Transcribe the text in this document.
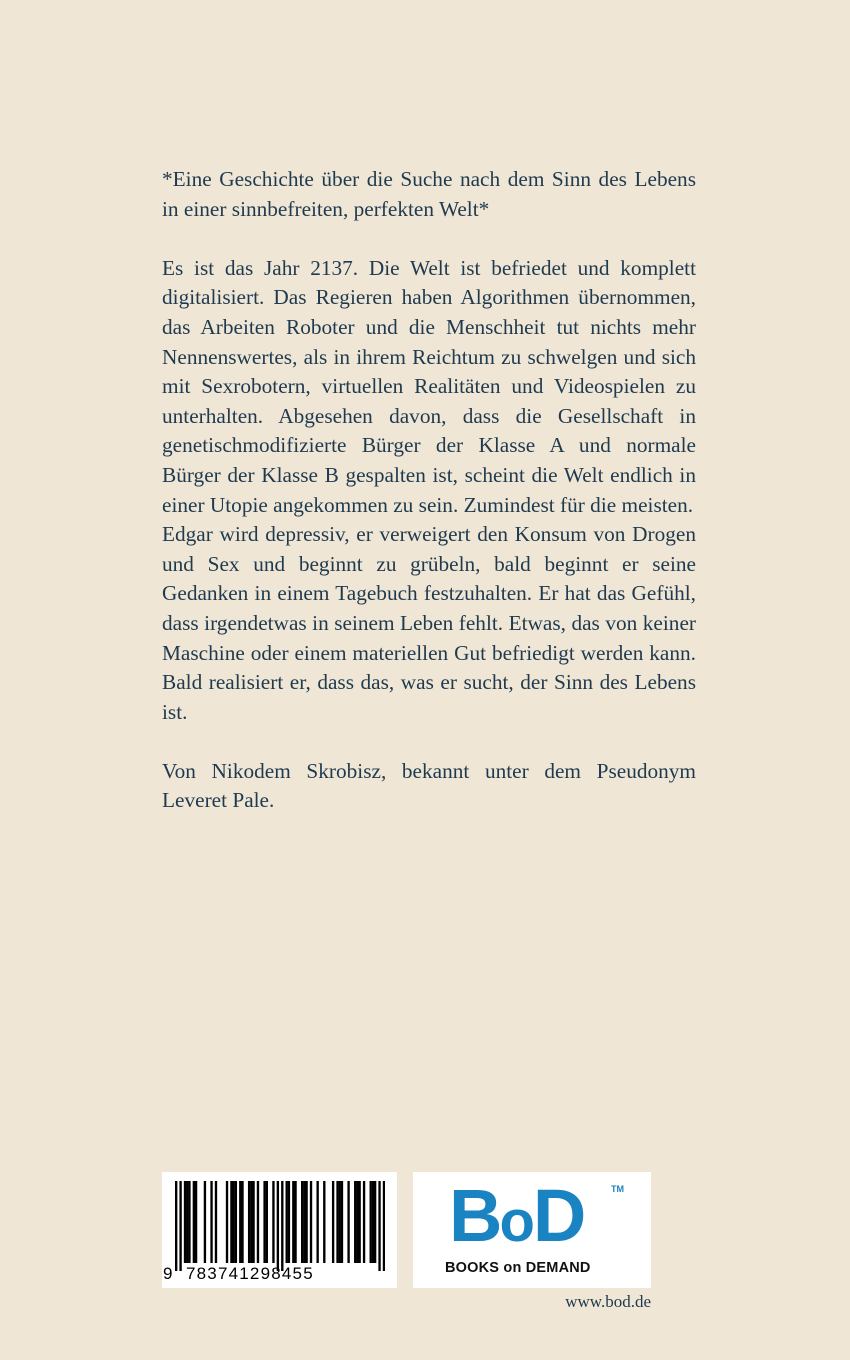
*Eine Geschichte über die Suche nach dem Sinn des Lebens in einer sinnbefreiten, perfekten Welt*

Es ist das Jahr 2137. Die Welt ist befriedet und komplett digitalisiert. Das Regieren haben Algorithmen übernommen, das Arbeiten Roboter und die Menschheit tut nichts mehr Nennenswertes, als in ihrem Reichtum zu schwelgen und sich mit Sexrobotern, virtuellen Realitäten und Videospielen zu unterhalten. Abgesehen davon, dass die Gesellschaft in genetischmodifizierte Bürger der Klasse A und normale Bürger der Klasse B gespalten ist, scheint die Welt endlich in einer Utopie angekommen zu sein. Zumindest für die meisten.

Edgar wird depressiv, er verweigert den Konsum von Drogen und Sex und beginnt zu grübeln, bald beginnt er seine Gedanken in einem Tagebuch festzuhalten. Er hat das Gefühl, dass irgendetwas in seinem Leben fehlt. Etwas, das von keiner Maschine oder einem materiellen Gut befriedigt werden kann. Bald realisiert er, dass das, was er sucht, der Sinn des Lebens ist.

Von Nikodem Skrobisz, bekannt unter dem Pseudonym Leveret Pale.

9 783741298455
BoD	TM
BOOKS on DEMAND
www.bod.de
